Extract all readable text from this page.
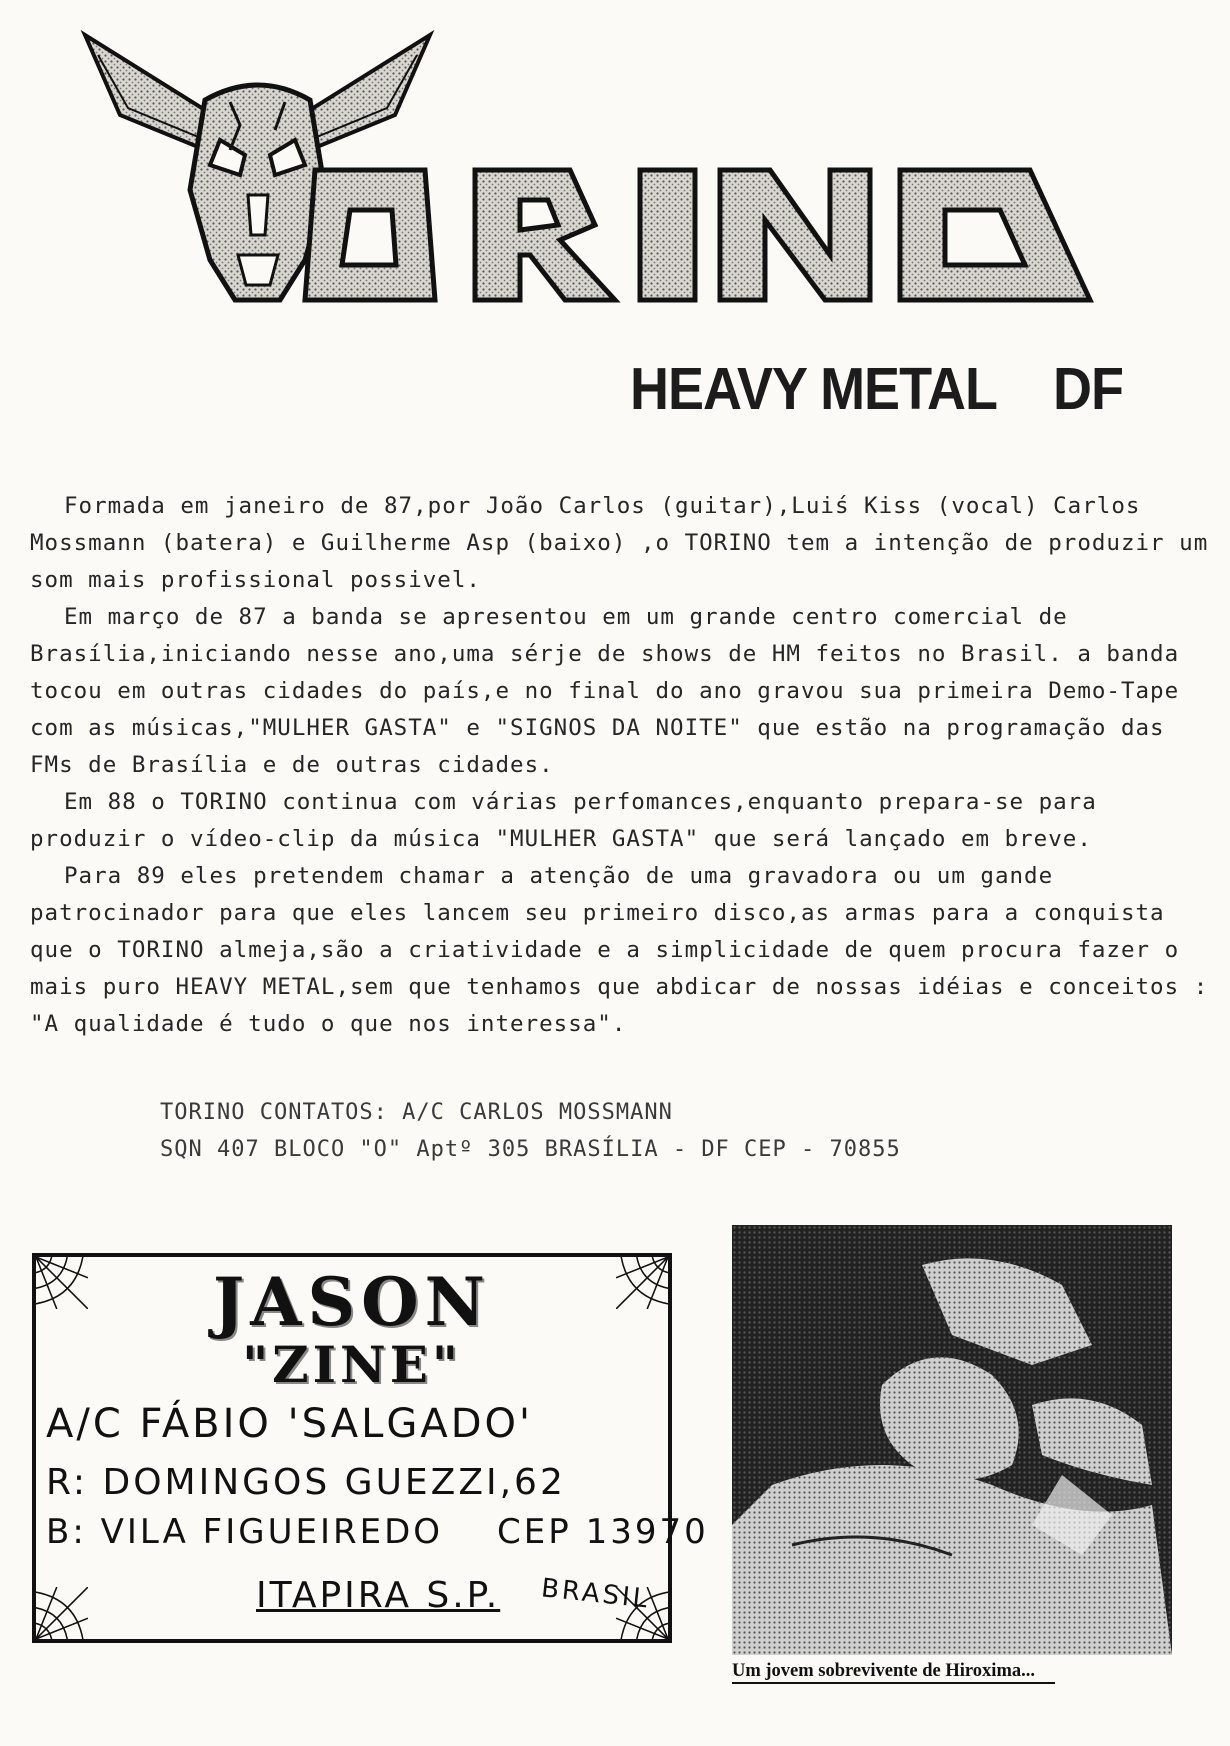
HEAVY METAL DF

Formada em janeiro de 87,por João Carlos (guitar),Luiś Kiss (vocal) Carlos Mossmann (batera) e Guilherme Asp (baixo) ,o TORINO tem a intenção de produzir um som mais profissional possivel.

Em março de 87 a banda se apresentou em um grande centro comercial de Brasília,iniciando nesse ano,uma sérje de shows de HM feitos no Brasil. a banda tocou em outras cidades do país,e no final do ano gravou sua primeira Demo-Tape com as músicas,"MULHER GASTA" e "SIGNOS DA NOITE" que estão na programação das FMs de Brasília e de outras cidades.

Em 88 o TORINO continua com várias perfomances,enquanto prepara-se para produzir o vídeo-clip da música "MULHER GASTA" que será lançado em breve.

Para 89 eles pretendem chamar a atenção de uma gravadora ou um gande patrocinador para que eles lancem seu primeiro disco,as armas para a conquista que o TORINO almeja,são a criatividade e a simplicidade de quem procura fazer o mais puro HEAVY METAL,sem que tenhamos que abdicar de nossas idéias e conceitos : "A qualidade é tudo o que nos interessa".

TORINO CONTATOS: A/C CARLOS MOSSMANN
SQN 407 BLOCO "O" Aptº 305 BRASÍLIA - DF CEP - 70855
JASON
"ZINE"
A/C FÁBIO 'SALGADO'
R: DOMINGOS GUEZZI,62
B: VILA FIGUEIREDO CEP 13970
ITAPIRA S.P. BRASIL
Um jovem sobrevivente de Hiroxima...
